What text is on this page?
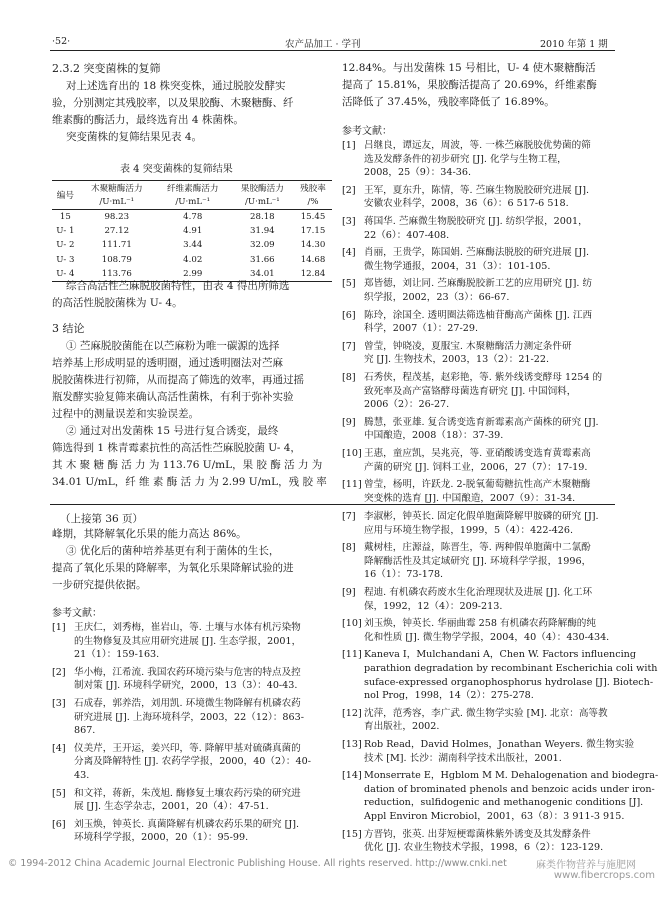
·52·	农产品加工 · 学刊	2010 年第 1 期
2.3.2 突变菌株的复筛
对上述选育出的 18 株突变株，通过脱胶发酵实
验，分别测定其残胶率，以及果胶酶、木聚糖酶、纤
维素酶的酶活力，最终选育出 4 株菌株。
突变菌株的复筛结果见表 4。
表 4 突变菌株的复筛结果
编号	木聚糖酶活力	纤维素酶活力	果胶酶活力	残胶率
	/U·mL⁻¹	/U·mL⁻¹	/U·mL⁻¹	/%
15	98.23	4.78	28.18	15.45
U- 1	27.12	4.91	31.94	17.15
U- 2	111.71	3.44	32.09	14.30
U- 3	108.79	4.02	31.66	14.68
U- 4	113.76	2.99	34.01	12.84
综合高活性苎麻脱胶菌特性，由表 4 得出所筛选
的高活性脱胶菌株为 U- 4。
3 结论
① 苎麻脱胶菌能在以苎麻粉为唯一碳源的选择
培养基上形成明显的透明圈，通过透明圈法对苎麻
脱胶菌株进行初筛，从而提高了筛选的效率，再通过摇
瓶发酵实验复筛来确认高活性菌株，有利于弥补实验
过程中的测量误差和实验误差。
② 通过对出发菌株 15 号进行复合诱变，最终
筛选得到 1 株青霉素抗性的高活性苎麻脱胶菌 U- 4，
其 木 聚 糖 酶 活 力 为 113.76 U/mL，果 胶 酶 活 力 为
34.01 U/mL，纤 维 素 酶 活 力 为 2.99 U/mL，残 胶 率
12.84%。与出发菌株 15 号相比，U- 4 使木聚糖酶活
提高了 15.81%，果胶酶活提高了 20.69%，纤维素酶
活降低了 37.45%，残胶率降低了 16.89%。
参考文献：
[1] 吕继良，谭远友，周波，等. 一株苎麻脱胶优势菌的筛
选及发酵条件的初步研究 [J]. 化学与生物工程，
2008，25（9）：34-36.
[2] 王军，夏东升，陈情，等. 苎麻生物脱胶研究进展 [J].
安徽农业科学，2008，36（6）：6 517-6 518.
[3] 蒋国华. 苎麻微生物脱胶研究 [J]. 纺织学报，2001，
22（6）：407-408.
[4] 肖丽，王贵学，陈国娟. 苎麻酶法脱胶的研究进展 [J].
微生物学通报，2004，31（3）：101-105.
[5] 郑皆德，刘让同. 苎麻酶脱胶新工艺的应用研究 [J]. 纺
织学报，2002，23（3）：66-67.
[6] 陈玲，涂国全. 透明圈法筛选柚苷酶高产菌株 [J]. 江西
科学，2007（1）：27-29.
[7] 曾莹，钟晓凌，夏服宝. 木聚糖酶活力测定条件研
究 [J]. 生物技术，2003，13（2）：21-22.
[8] 石秀侠，程茂基，赵彩艳，等. 紫外线诱变酵母 1254 的
致死率及高产富铬酵母菌选育研究 [J]. 中国饲料，
2006（2）：26-27.
[9] 腾慧，张亚雄. 复合诱变选育新霉素高产菌株的研究 [J].
中国酿造，2008（18）：37-39.
[10] 王惠，童应凯，吴兆亮，等. 亚硝酸诱变选育黄霉素高
产菌的研究 [J]. 饲料工业，2006，27（7）：17-19.
[11] 曾莹，杨明，许跃龙. 2-脱氧葡萄糖抗性高产木聚糖酶
突变株的选育 [J]. 中国酿造，2007（9）：31-34.
（上接第 36 页）
峰期，其降解氧化乐果的能力高达 86%。
③ 优化后的菌种培养基更有利于菌体的生长，
提高了氧化乐果的降解率，为氧化乐果降解试验的进
一步研究提供依据。
参考文献：
[1] 王庆仁，刘秀梅，崔岩山，等. 土壤与水体有机污染物
的生物修复及其应用研究进展 [J]. 生态学报，2001，
21（1）：159-163.
[2] 华小梅，江希流. 我国农药环境污染与危害的特点及控
制对策 [J]. 环境科学研究，2000，13（3）：40-43.
[3] 石成春，郭养浩，刘用凯. 环境微生物降解有机磷农药
研究进展 [J]. 上海环境科学，2003，22（12）：863-
867.
[4] 仪美芹，王开运，姜兴印，等. 降解甲基对硫磷真菌的
分离及降解特性 [J]. 农药学学报，2000，40（2）：40-
43.
[5] 和文祥，蒋新，朱茂旭. 酶修复土壤农药污染的研究进
展 [J]. 生态学杂志，2001，20（4）：47-51.
[6] 刘玉焕，钟英长. 真菌降解有机磷农药乐果的研究 [J].
环境科学学报，2000，20（1）：95-99.
[7] 李淑彬，钟英长. 固定化假单胞菌降解甲胺磷的研究 [J].
应用与环境生物学报，1999，5（4）：422-426.
[8] 戴树桂，庄源益，陈晋生，等. 两种假单胞菌中二氯酚
降解酶活性及其定域研究 [J]. 环境科学学报，1996，
16（1）：73-178.
[9] 程迪. 有机磷农药废水生化治理现状及进展 [J]. 化工环
保，1992，12（4）：209-213.
[10] 刘玉焕，钟英长. 华丽曲霉 258 有机磷农药降解酶的纯
化和性质 [J]. 微生物学学报，2004，40（4）：430-434.
[11] Kaneva I，Mulchandani A，Chen W. Factors influencing
parathion degradation by recombinant Escherichia coli with
suface-expressed organophosphorus hydrolase [J]. Biotech-
nol Prog，1998，14（2）：275-278.
[12] 沈萍，范秀容，李广武. 微生物学实验 [M]. 北京：高等教
育出版社，2002.
[13] Rob Read，David Holmes，Jonathan Weyers. 微生物实验
技术 [M]. 长沙：湖南科学技术出版社，2001.
[14] Monserrate E，Hgblom M M. Dehalogenation and biodegra-
dation of brominated phenols and benzoic acids under iron-
reduction，sulfidogenic and methanogenic conditions [J].
Appl Environ Microbiol，2001，63（8）：3 911-3 915.
[15] 方晋钧，张英. 出芽短梗霉菌株紫外诱变及其发酵条件
优化 [J]. 农业生物技术学报，1998，6（2）：123-129.
© 1994-2012 China Academic Journal Electronic Publishing House. All rights reserved. http://www.cnki.net	麻类作物营养与施肥网
www.fibercrops.com
